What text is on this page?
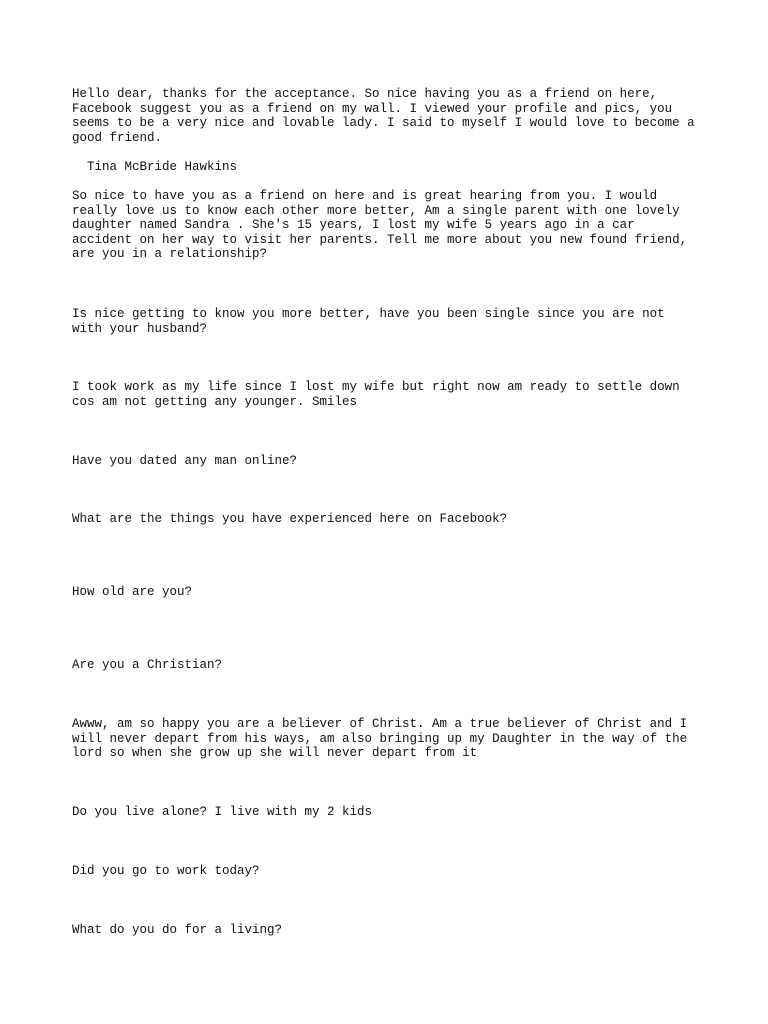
Hello dear, thanks for the acceptance. So nice having you as a friend on here,
Facebook suggest you as a friend on my wall. I viewed your profile and pics, you
seems to be a very nice and lovable lady. I said to myself I would love to become a
good friend.

Tina McBride Hawkins

So nice to have you as a friend on here and is great hearing from you. I would
really love us to know each other more better, Am a single parent with one lovely
daughter named Sandra . She's 15 years, I lost my wife 5 years ago in a car
accident on her way to visit her parents. Tell me more about you new found friend,
are you in a relationship?

Is nice getting to know you more better, have you been single since you are not
with your husband?

I took work as my life since I lost my wife but right now am ready to settle down
cos am not getting any younger. Smiles

Have you dated any man online?

What are the things you have experienced here on Facebook?

How old are you?

Are you a Christian?

Awww, am so happy you are a believer of Christ. Am a true believer of Christ and I
will never depart from his ways, am also bringing up my Daughter in the way of the
lord so when she grow up she will never depart from it

Do you live alone? I live with my 2 kids

Did you go to work today?

What do you do for a living?
